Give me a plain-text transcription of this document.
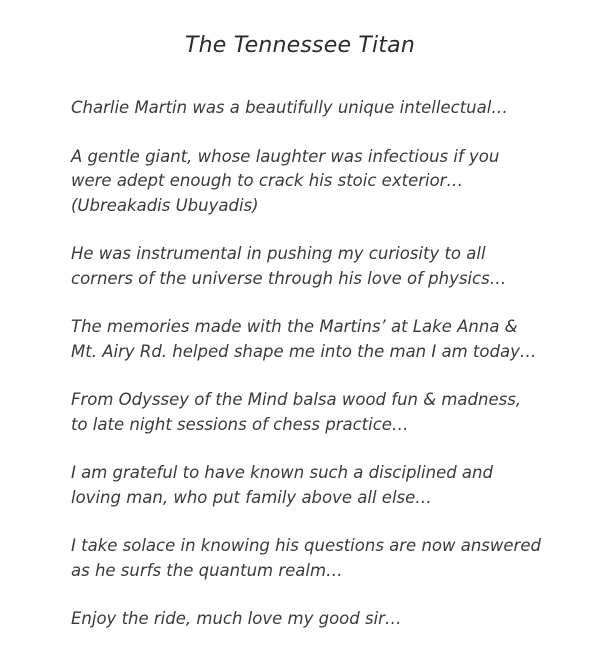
The Tennessee Titan

Charlie Martin was a beautifully unique intellectual…

A gentle giant, whose laughter was infectious if you were adept enough to crack his stoic exterior…  (Ubreakadis Ubuyadis)

He was instrumental in pushing my curiosity to all corners of the universe through his love of physics…

The memories made with the Martins’ at Lake Anna & Mt. Airy Rd. helped shape me into the man I am today…

From Odyssey of the Mind balsa wood fun & madness, to late night sessions of chess practice…

I am grateful to have known such a disciplined and loving man, who put family above all else…

I take solace in knowing his questions are now answered as he surfs the quantum realm…

Enjoy the ride, much love my good sir…
